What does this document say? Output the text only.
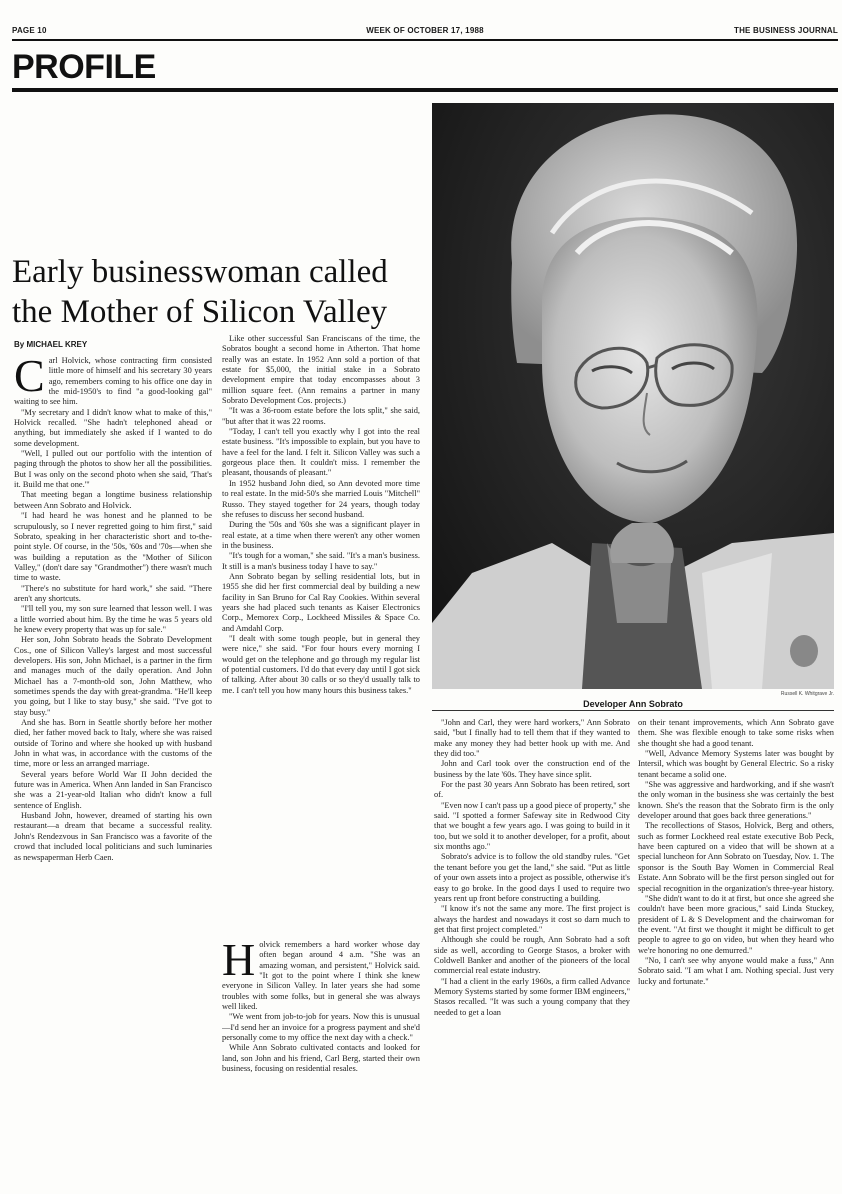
WEEK OF OCTOBER 17, 1988
PAGE 10	THE BUSINESS JOURNAL
PROFILE
Russell K. Whitgrave Jr.
Developer Ann Sobrato
Early businesswoman called the Mother of Silicon Valley
By MICHAEL KREY
C arl Holvick, whose contracting firm consisted little more of himself and his secretary 30 years ago, remembers coming to his office one day in the mid-1950's to find "a good-looking gal" waiting to see him.

"My secretary and I didn't know what to make of this," Holvick recalled. "She hadn't telephoned ahead or anything, but immediately she asked if I wanted to do some development.

"Well, I pulled out our portfolio with the intention of paging through the photos to show her all the possibilities. But I was only on the second photo when she said, 'That's it. Build me that one.'"

That meeting began a longtime business relationship between Ann Sobrato and Holvick.

"I had heard he was honest and he planned to be scrupulously, so I never regretted going to him first," said Sobrato, speaking in her characteristic short and to-the-point style. Of course, in the '50s, '60s and '70s—when she was building a reputation as the "Mother of Silicon Valley," (don't dare say "Grandmother") there wasn't much time to waste.

"There's no substitute for hard work," she said. "There aren't any shortcuts.

"I'll tell you, my son sure learned that lesson well. I was a little worried about him. By the time he was 5 years old he knew every property that was up for sale."

Her son, John Sobrato heads the Sobrato Development Cos., one of Silicon Valley's largest and most successful developers. His son, John Michael, is a partner in the firm and manages much of the daily operation. And John Michael has a 7-month-old son, John Matthew, who sometimes spends the day with great-grandma. "He'll keep you going, but I like to stay busy," she said. "I've got to stay busy."

And she has. Born in Seattle shortly before her mother died, her father moved back to Italy, where she was raised outside of Torino and where she hooked up with husband John in what was, in accordance with the customs of the time, more or less an arranged marriage.

Several years before World War II John decided the future was in America. When Ann landed in San Francisco she was a 21-year-old Italian who didn't know a full sentence of English.

Husband John, however, dreamed of starting his own restaurant—a dream that became a successful reality. John's Rendezvous in San Francisco was a favorite of the crowd that included local politicians and such luminaries as newspaperman Herb Caen.

Like other successful San Franciscans of the time, the Sobratos bought a second home in Atherton. That home really was an estate. In 1952 Ann sold a portion of that estate for $5,000, the initial stake in a Sobrato development empire that today encompasses about 3 million square feet. (Ann remains a partner in many Sobrato Development Cos. projects.)

"It was a 36-room estate before the lots split," she said, "but after that it was 22 rooms.

"Today, I can't tell you exactly why I got into the real estate business. "It's impossible to explain, but you have to have a feel for the land. I felt it. Silicon Valley was such a gorgeous place then. It couldn't miss. I remember the pleasant, thousands of pleasant."

In 1952 husband John died, so Ann devoted more time to real estate. In the mid-50's she married Louis "Mitchell" Russo. They stayed together for 24 years, though today she refuses to discuss her second husband.

During the '50s and '60s she was a significant player in real estate, at a time when there weren't any other women in the business.

"It's tough for a woman," she said. "It's a man's business. It still is a man's business today I have to say."

Ann Sobrato began by selling residential lots, but in 1955 she did her first commercial deal by building a new facility in San Bruno for Cal Ray Cookies. Within several years she had placed such tenants as Kaiser Electronics Corp., Memorex Corp., Lockheed Missiles & Space Co. and Amdahl Corp.

"I dealt with some tough people, but in general they were nice," she said. "For four hours every morning I would get on the telephone and go through my regular list of potential customers. I'd do that every day until I got sick of talking. After about 30 calls or so they'd usually talk to me. I can't tell you how many hours this business takes."

H olvick remembers a hard worker whose day often began around 4 a.m. "She was an amazing woman, and persistent," Holvick said. "It got to the point where I think she knew everyone in Silicon Valley. In later years she had some troubles with some folks, but in general she was always well liked.

"We went from job-to-job for years. Now this is unusual—I'd send her an invoice for a progress payment and she'd personally come to my office the next day with a check."

While Ann Sobrato cultivated contacts and looked for land, son John and his friend, Carl Berg, started their own business, focusing on residential resales.

"John and Carl, they were hard workers," Ann Sobrato said, "but I finally had to tell them that if they wanted to make any money they had better hook up with me. And they did too."

John and Carl took over the construction end of the business by the late '60s. They have since split.

For the past 30 years Ann Sobrato has been retired, sort of.

"Even now I can't pass up a good piece of property," she said. "I spotted a former Safeway site in Redwood City that we bought a few years ago. I was going to build in it too, but we sold it to another developer, for a profit, about six months ago."

Sobrato's advice is to follow the old standby rules. "Get the tenant before you get the land," she said. "Put as little of your own assets into a project as possible, otherwise it's easy to go broke. In the good days I used to require two years rent up front before constructing a building.

"I know it's not the same any more. The first project is always the hardest and nowadays it cost so darn much to get that first project completed."

Although she could be rough, Ann Sobrato had a soft side as well, according to George Stasos, a broker with Coldwell Banker and another of the pioneers of the local commercial real estate industry.

"I had a client in the early 1960s, a firm called Advance Memory Systems started by some former IBM engineers," Stasos recalled. "It was such a young company that they needed to get a loan

on their tenant improvements, which Ann Sobrato gave them. She was flexible enough to take some risks when she thought she had a good tenant.

"Well, Advance Memory Systems later was bought by Intersil, which was bought by General Electric. So a risky tenant became a solid one.

"She was aggressive and hardworking, and if she wasn't the only woman in the business she was certainly the best known. She's the reason that the Sobrato firm is the only developer around that goes back three generations."

The recollections of Stasos, Holvick, Berg and others, such as former Lockheed real estate executive Bob Peck, have been captured on a video that will be shown at a special luncheon for Ann Sobrato on Tuesday, Nov. 1. The sponsor is the South Bay Women in Commercial Real Estate. Ann Sobrato will be the first person singled out for special recognition in the organization's three-year history.

"She didn't want to do it at first, but once she agreed she couldn't have been more gracious," said Linda Stuckey, president of L & S Development and the chairwoman for the event. "At first we thought it might be difficult to get people to agree to go on video, but when they heard who we're honoring no one demurred."

"No, I can't see why anyone would make a fuss," Ann Sobrato said. "I am what I am. Nothing special. Just very lucky and fortunate."
